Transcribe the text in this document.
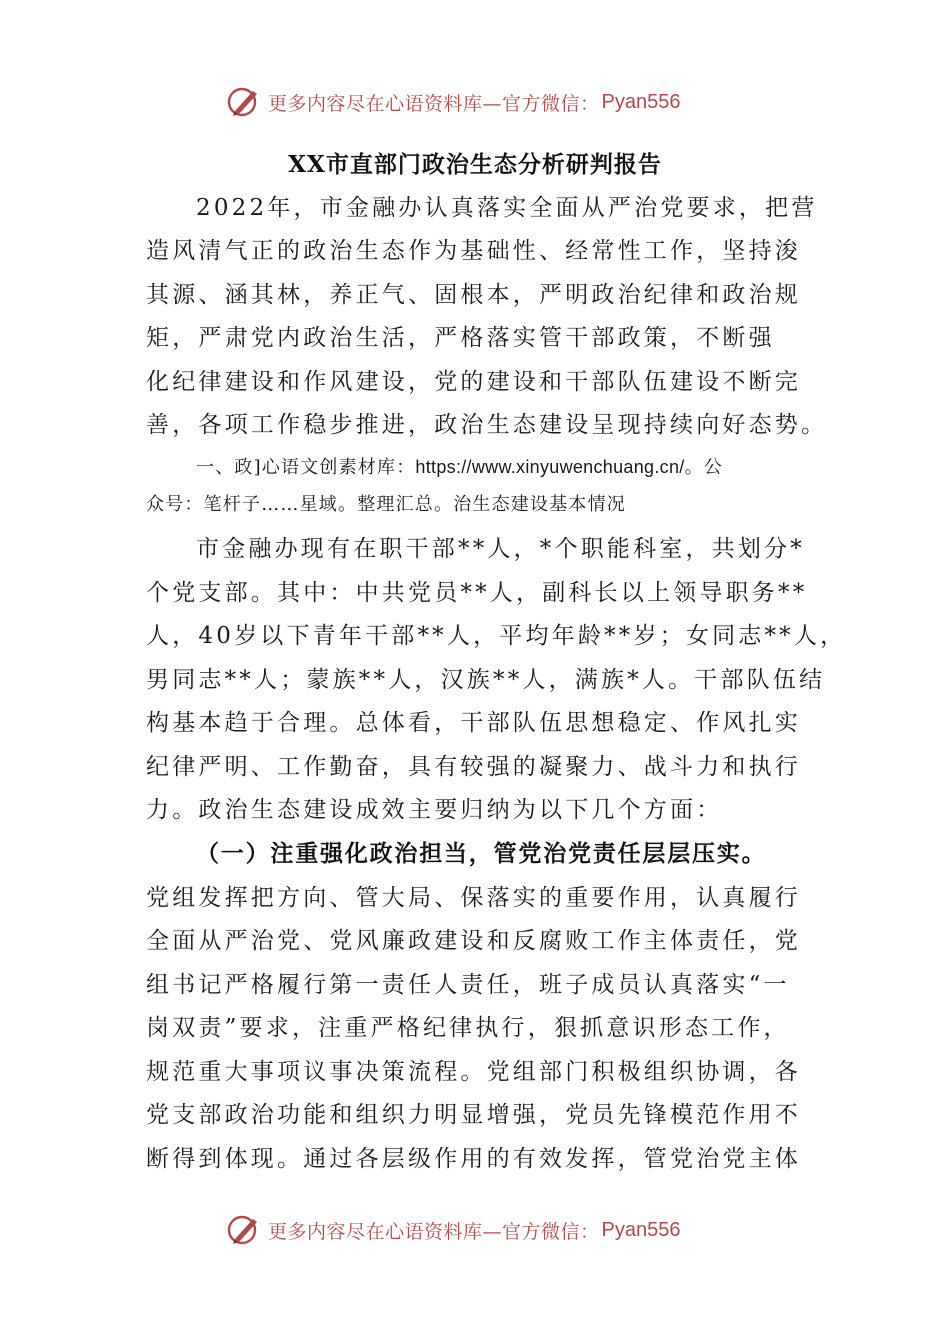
更多内容尽在心语资料库—官方微信： Pyan556
XX市直部门政治生态分析研判报告
2022年，市金融办认真落实全面从严治党要求，把营
造风清气正的政治生态作为基础性、经常性工作，坚持浚
其源、涵其林，养正气、固根本，严明政治纪律和政治规
矩，严肃党内政治生活，严格落实管干部政策，不断强
化纪律建设和作风建设，党的建设和干部队伍建设不断完
善，各项工作稳步推进，政治生态建设呈现持续向好态势。
一、政]心语文创素材库：https://www.xinyuwenchuang.cn/。公
众号：笔杆子……星域。整理汇总。治生态建设基本情况
市金融办现有在职干部**人，*个职能科室，共划分*
个党支部。其中：中共党员**人，副科长以上领导职务**
人，40岁以下青年干部**人，平均年龄**岁；女同志**人，
男同志**人；蒙族**人，汉族**人，满族*人。干部队伍结
构基本趋于合理。总体看，干部队伍思想稳定、作风扎实
纪律严明、工作勤奋，具有较强的凝聚力、战斗力和执行
力。政治生态建设成效主要归纳为以下几个方面：
（一）注重强化政治担当，管党治党责任层层压实。
党组发挥把方向、管大局、保落实的重要作用，认真履行
全面从严治党、党风廉政建设和反腐败工作主体责任，党
组书记严格履行第一责任人责任，班子成员认真落实“一
岗双责”要求，注重严格纪律执行，狠抓意识形态工作，
规范重大事项议事决策流程。党组部门积极组织协调，各
党支部政治功能和组织力明显增强，党员先锋模范作用不
断得到体现。通过各层级作用的有效发挥，管党治党主体
更多内容尽在心语资料库—官方微信： Pyan556
